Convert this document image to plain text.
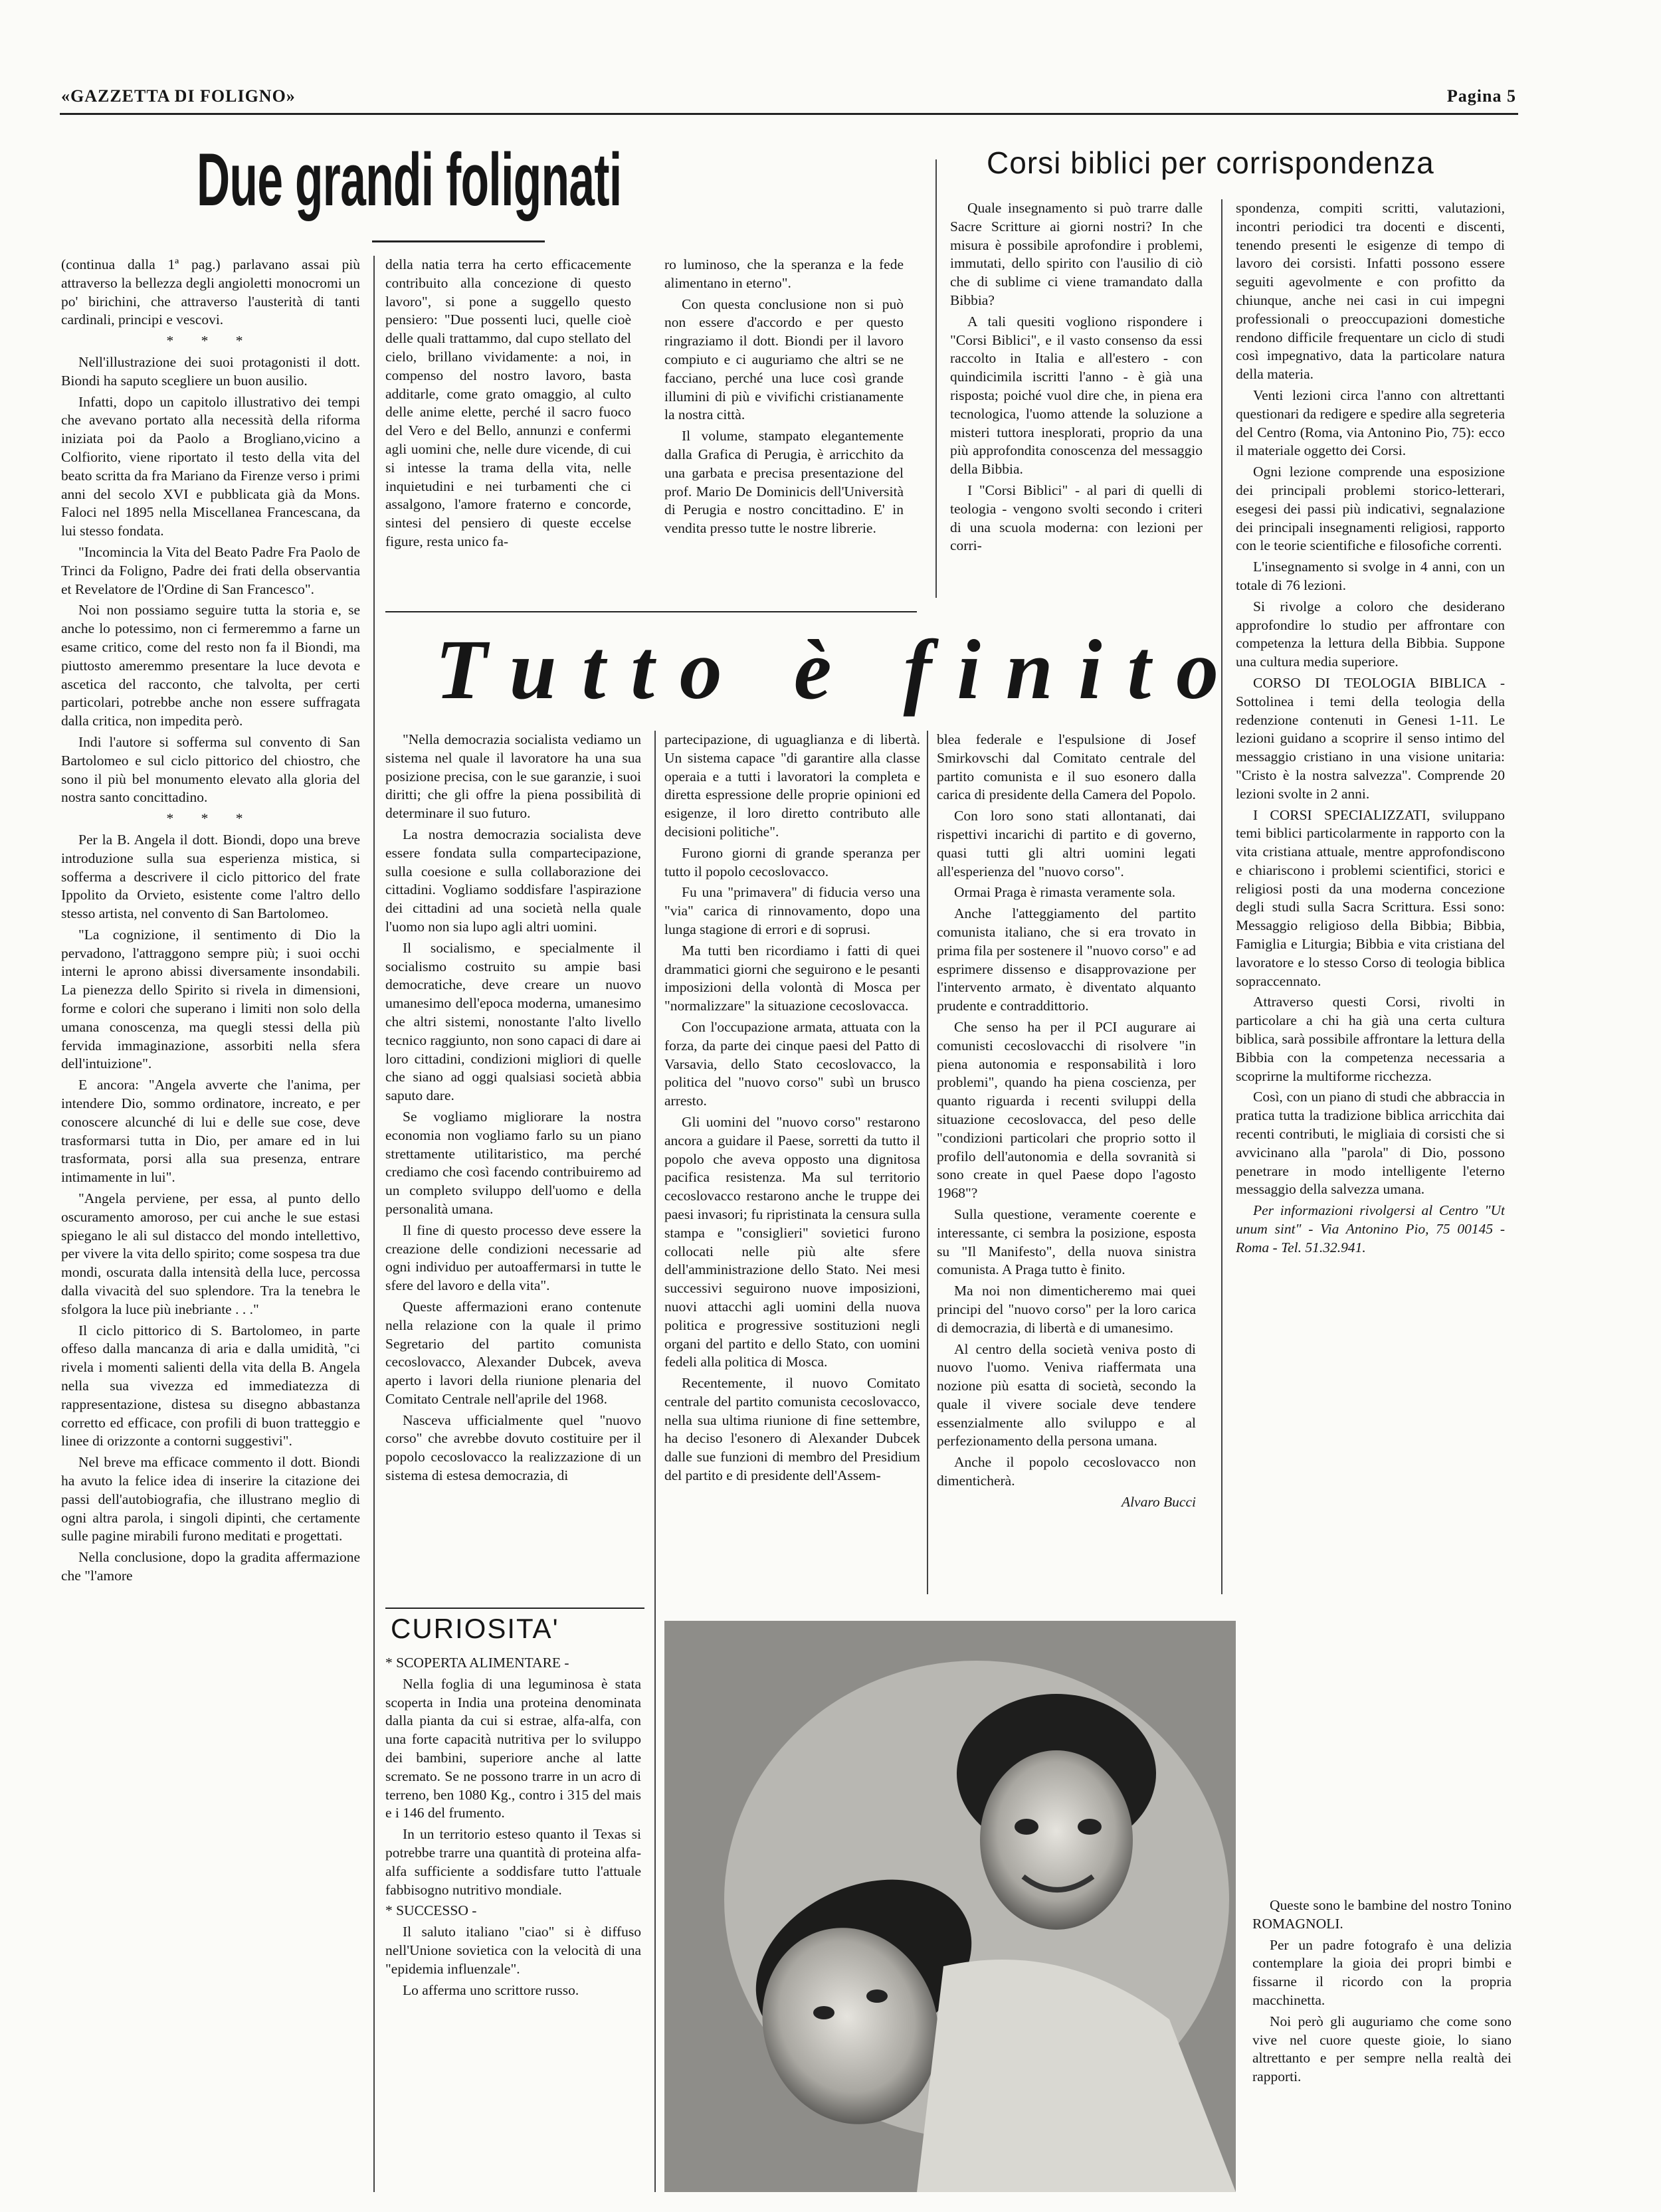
«GAZZETTA DI FOLIGNO»	Pagina 5
Due grandi folignati

(continua dalla 1ª pag.) parlavano assai più attraverso la bellezza degli angioletti monocromi un po' birichini, che attraverso l'austerità di tanti cardinali, principi e vescovi.

* * *

Nell'illustrazione dei suoi protagonisti il dott. Biondi ha saputo scegliere un buon ausilio.

Infatti, dopo un capitolo illustrativo dei tempi che avevano portato alla necessità della riforma iniziata poi da Paolo a Brogliano,vicino a Colfiorito, viene riportato il testo della vita del beato scritta da fra Mariano da Firenze verso i primi anni del secolo XVI e pubblicata già da Mons. Faloci nel 1895 nella Miscellanea Francescana, da lui stesso fondata.

"Incomincia la Vita del Beato Padre Fra Paolo de Trinci da Foligno, Padre dei frati della observantia et Revelatore de l'Ordine di San Francesco".

Noi non possiamo seguire tutta la storia e, se anche lo potessimo, non ci fermeremmo a farne un esame critico, come del resto non fa il Biondi, ma piuttosto ameremmo presentare la luce devota e ascetica del racconto, che talvolta, per certi particolari, potrebbe anche non essere suffragata dalla critica, non impedita però.

Indi l'autore si sofferma sul convento di San Bartolomeo e sul ciclo pittorico del chiostro, che sono il più bel monumento elevato alla gloria del nostra santo concittadino.

* * *

Per la B. Angela il dott. Biondi, dopo una breve introduzione sulla sua esperienza mistica, si sofferma a descrivere il ciclo pittorico del frate Ippolito da Orvieto, esistente come l'altro dello stesso artista, nel convento di San Bartolomeo.

"La cognizione, il sentimento di Dio la pervadono, l'attraggono sempre più; i suoi occhi interni le aprono abissi diversamente insondabili. La pienezza dello Spirito si rivela in dimensioni, forme e colori che superano i limiti non solo della umana conoscenza, ma quegli stessi della più fervida immaginazione, assorbiti nella sfera dell'intuizione".

E ancora: "Angela avverte che l'anima, per intendere Dio, sommo ordinatore, increato, e per conoscere alcunché di lui e delle sue cose, deve trasformarsi tutta in Dio, per amare ed in lui trasformata, porsi alla sua presenza, entrare intimamente in lui".

"Angela perviene, per essa, al punto dello oscuramento amoroso, per cui anche le sue estasi spiegano le ali sul distacco del mondo intellettivo, per vivere la vita dello spirito; come sospesa tra due mondi, oscurata dalla intensità della luce, percossa dalla vivacità del suo splendore. Tra la tenebra le sfolgora la luce più inebriante . . ."

Il ciclo pittorico di S. Bartolomeo, in parte offeso dalla mancanza di aria e dalla umidità, "ci rivela i momenti salienti della vita della B. Angela nella sua vivezza ed immediatezza di rappresentazione, distesa su disegno abbastanza corretto ed efficace, con profili di buon tratteggio e linee di orizzonte a contorni suggestivi".

Nel breve ma efficace commento il dott. Biondi ha avuto la felice idea di inserire la citazione dei passi dell'autobiografia, che illustrano meglio di ogni altra parola, i singoli dipinti, che certamente sulle pagine mirabili furono meditati e progettati.

Nella conclusione, dopo la gradita affermazione che "l'amore

della natia terra ha certo efficacemente contribuito alla concezione di questo lavoro", si pone a suggello questo pensiero: "Due possenti luci, quelle cioè delle quali trattammo, dal cupo stellato del cielo, brillano vividamente: a noi, in compenso del nostro lavoro, basta additarle, come grato omaggio, al culto delle anime elette, perché il sacro fuoco del Vero e del Bello, annunzi e confermi agli uomini che, nelle dure vicende, di cui si intesse la trama della vita, nelle inquietudini e nei turbamenti che ci assalgono, l'amore fraterno e concorde, sintesi del pensiero di queste eccelse figure, resta unico fa-

ro luminoso, che la speranza e la fede alimentano in eterno".

Con questa conclusione non si può non essere d'accordo e per questo ringraziamo il dott. Biondi per il lavoro compiuto e ci auguriamo che altri se ne facciano, perché una luce così grande illumini di più e vivifichi cristianamente la nostra città.

Il volume, stampato elegantemente dalla Grafica di Perugia, è arricchito da una garbata e precisa presentazione del prof. Mario De Dominicis dell'Università di Perugia e nostro concittadino. E' in vendita presso tutte le nostre librerie.

Corsi biblici per corrispondenza

Quale insegnamento si può trarre dalle Sacre Scritture ai giorni nostri? In che misura è possibile aprofondire i problemi, immutati, dello spirito con l'ausilio di ciò che di sublime ci viene tramandato dalla Bibbia?

A tali quesiti vogliono rispondere i "Corsi Biblici", e il vasto consenso da essi raccolto in Italia e all'estero - con quindicimila iscritti l'anno - è già una risposta; poiché vuol dire che, in piena era tecnologica, l'uomo attende la soluzione a misteri tuttora inesplorati, proprio da una più approfondita conoscenza del messaggio della Bibbia.

I "Corsi Biblici" - al pari di quelli di teologia - vengono svolti secondo i criteri di una scuola moderna: con lezioni per corri-

spondenza, compiti scritti, valutazioni, incontri periodici tra docenti e discenti, tenendo presenti le esigenze di tempo di lavoro dei corsisti. Infatti possono essere seguiti agevolmente e con profitto da chiunque, anche nei casi in cui impegni professionali o preoccupazioni domestiche rendono difficile frequentare un ciclo di studi così impegnativo, data la particolare natura della materia.

Venti lezioni circa l'anno con altrettanti questionari da redigere e spedire alla segreteria del Centro (Roma, via Antonino Pio, 75): ecco il materiale oggetto dei Corsi.

Ogni lezione comprende una esposizione dei principali problemi storico-letterari, esegesi dei passi più indicativi, segnalazione dei principali insegnamenti religiosi, rapporto con le teorie scientifiche e filosofiche correnti.

L'insegnamento si svolge in 4 anni, con un totale di 76 lezioni.

Si rivolge a coloro che desiderano approfondire lo studio per affrontare con competenza la lettura della Bibbia. Suppone una cultura media superiore.

CORSO DI TEOLOGIA BIBLICA - Sottolinea i temi della teologia della redenzione contenuti in Genesi 1-11. Le lezioni guidano a scoprire il senso intimo del messaggio cristiano in una visione unitaria: "Cristo è la nostra salvezza". Comprende 20 lezioni svolte in 2 anni.

I CORSI SPECIALIZZATI, sviluppano temi biblici particolarmente in rapporto con la vita cristiana attuale, mentre approfondiscono e chiariscono i problemi scientifici, storici e religiosi posti da una moderna concezione degli studi sulla Sacra Scrittura. Essi sono: Messaggio religioso della Bibbia; Bibbia, Famiglia e Liturgia; Bibbia e vita cristiana del lavoratore e lo stesso Corso di teologia biblica sopraccennato.

Attraverso questi Corsi, rivolti in particolare a chi ha già una certa cultura biblica, sarà possibile affrontare la lettura della Bibbia con la competenza necessaria a scoprirne la multiforme ricchezza.

Così, con un piano di studi che abbraccia in pratica tutta la tradizione biblica arricchita dai recenti contributi, le migliaia di corsisti che si avvicinano alla "parola" di Dio, possono penetrare in modo intelligente l'eterno messaggio della salvezza umana.

Per informazioni rivolgersi al Centro "Ut unum sint" - Via Antonino Pio, 75 00145 - Roma - Tel. 51.32.941.

Tutto è finito

"Nella democrazia socialista vediamo un sistema nel quale il lavoratore ha una sua posizione precisa, con le sue garanzie, i suoi diritti; che gli offre la piena possibilità di determinare il suo futuro.

La nostra democrazia socialista deve essere fondata sulla compartecipazione, sulla coesione e sulla collaborazione dei cittadini. Vogliamo soddisfare l'aspirazione dei cittadini ad una società nella quale l'uomo non sia lupo agli altri uomini.

Il socialismo, e specialmente il socialismo costruito su ampie basi democratiche, deve creare un nuovo umanesimo dell'epoca moderna, umanesimo che altri sistemi, nonostante l'alto livello tecnico raggiunto, non sono capaci di dare ai loro cittadini, condizioni migliori di quelle che siano ad oggi qualsiasi società abbia saputo dare.

Se vogliamo migliorare la nostra economia non vogliamo farlo su un piano strettamente utilitaristico, ma perché crediamo che così facendo contribuiremo ad un completo sviluppo dell'uomo e della personalità umana.

Il fine di questo processo deve essere la creazione delle condizioni necessarie ad ogni individuo per autoaffermarsi in tutte le sfere del lavoro e della vita".

Queste affermazioni erano contenute nella relazione con la quale il primo Segretario del partito comunista cecoslovacco, Alexander Dubcek, aveva aperto i lavori della riunione plenaria del Comitato Centrale nell'aprile del 1968.

Nasceva ufficialmente quel "nuovo corso" che avrebbe dovuto costituire per il popolo cecoslovacco la realizzazione di un sistema di estesa democrazia, di

partecipazione, di uguaglianza e di libertà. Un sistema capace "di garantire alla classe operaia e a tutti i lavoratori la completa e diretta espressione delle proprie opinioni ed esigenze, il loro diretto contributo alle decisioni politiche".

Furono giorni di grande speranza per tutto il popolo cecoslovacco.

Fu una "primavera" di fiducia verso una "via" carica di rinnovamento, dopo una lunga stagione di errori e di soprusi.

Ma tutti ben ricordiamo i fatti di quei drammatici giorni che seguirono e le pesanti imposizioni della volontà di Mosca per "normalizzare" la situazione cecoslovacca.

Con l'occupazione armata, attuata con la forza, da parte dei cinque paesi del Patto di Varsavia, dello Stato cecoslovacco, la politica del "nuovo corso" subì un brusco arresto.

Gli uomini del "nuovo corso" restarono ancora a guidare il Paese, sorretti da tutto il popolo che aveva opposto una dignitosa pacifica resistenza. Ma sul territorio cecoslovacco restarono anche le truppe dei paesi invasori; fu ripristinata la censura sulla stampa e "consiglieri" sovietici furono collocati nelle più alte sfere dell'amministrazione dello Stato. Nei mesi successivi seguirono nuove imposizioni, nuovi attacchi agli uomini della nuova politica e progressive sostituzioni negli organi del partito e dello Stato, con uomini fedeli alla politica di Mosca.

Recentemente, il nuovo Comitato centrale del partito comunista cecoslovacco, nella sua ultima riunione di fine settembre, ha deciso l'esonero di Alexander Dubcek dalle sue funzioni di membro del Presidium del partito e di presidente dell'Assem-

blea federale e l'espulsione di Josef Smirkovschi dal Comitato centrale del partito comunista e il suo esonero dalla carica di presidente della Camera del Popolo.

Con loro sono stati allontanati, dai rispettivi incarichi di partito e di governo, quasi tutti gli altri uomini legati all'esperienza del "nuovo corso".

Ormai Praga è rimasta veramente sola.

Anche l'atteggiamento del partito comunista italiano, che si era trovato in prima fila per sostenere il "nuovo corso" e ad esprimere dissenso e disapprovazione per l'intervento armato, è diventato alquanto prudente e contraddittorio.

Che senso ha per il PCI augurare ai comunisti cecoslovacchi di risolvere "in piena autonomia e responsabilità i loro problemi", quando ha piena coscienza, per quanto riguarda i recenti sviluppi della situazione cecoslovacca, del peso delle "condizioni particolari che proprio sotto il profilo dell'autonomia e della sovranità si sono create in quel Paese dopo l'agosto 1968"?

Sulla questione, veramente coerente e interessante, ci sembra la posizione, esposta su "Il Manifesto", della nuova sinistra comunista. A Praga tutto è finito.

Ma noi non dimenticheremo mai quei principi del "nuovo corso" per la loro carica di democrazia, di libertà e di umanesimo.

Al centro della società veniva posto di nuovo l'uomo. Veniva riaffermata una nozione più esatta di società, secondo la quale il vivere sociale deve tendere essenzialmente allo sviluppo e al perfezionamento della persona umana.

Anche il popolo cecoslovacco non dimenticherà.

Alvaro Bucci

CURIOSITA'

* SCOPERTA ALIMENTARE -

Nella foglia di una leguminosa è stata scoperta in India una proteina denominata dalla pianta da cui si estrae, alfa-alfa, con una forte capacità nutritiva per lo sviluppo dei bambini, superiore anche al latte scremato. Se ne possono trarre in un acro di terreno, ben 1080 Kg., contro i 315 del mais e i 146 del frumento.

In un territorio esteso quanto il Texas si potrebbe trarre una quantità di proteina alfa-alfa sufficiente a soddisfare tutto l'attuale fabbisogno nutritivo mondiale.

* SUCCESSO -

Il saluto italiano "ciao" si è diffuso nell'Unione sovietica con la velocità di una "epidemia influenzale".

Lo afferma uno scrittore russo.

Queste sono le bambine del nostro Tonino ROMAGNOLI.

Per un padre fotografo è una delizia contemplare la gioia dei propri bimbi e fissarne il ricordo con la propria macchinetta.

Noi però gli auguriamo che come sono vive nel cuore queste gioie, lo siano altrettanto e per sempre nella realtà dei rapporti.
